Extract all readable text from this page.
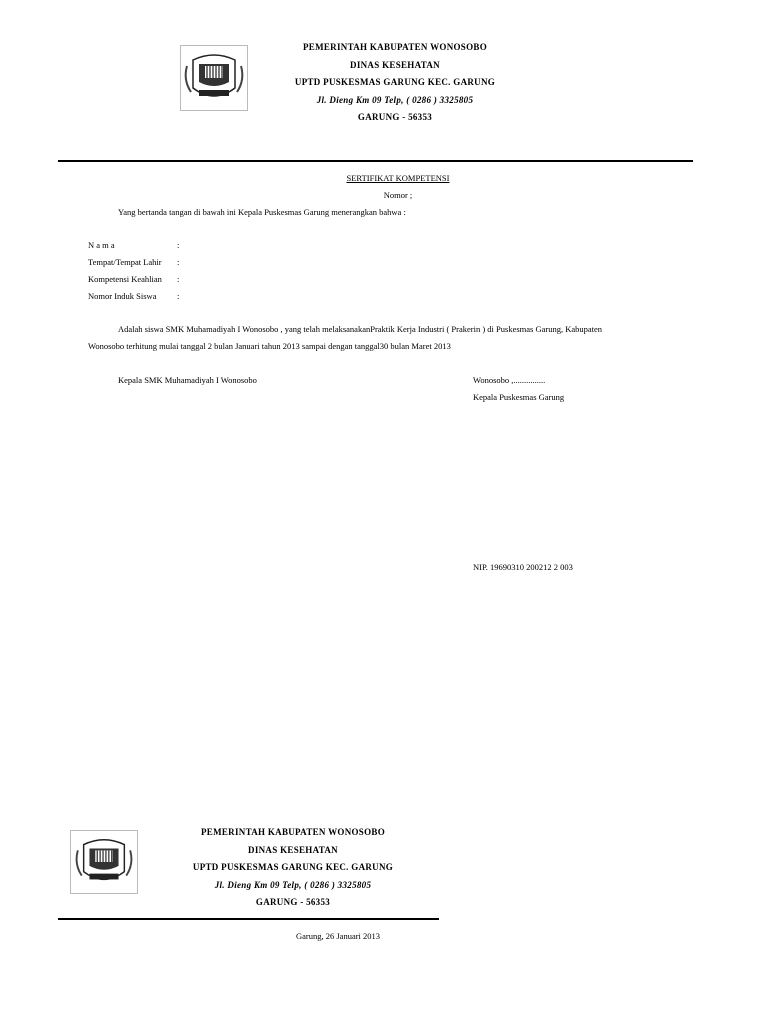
PEMERINTAH KABUPATEN WONOSOBO
DINAS KESEHATAN
UPTD PUSKESMAS GARUNG KEC. GARUNG
Jl. Dieng Km 09 Telp, ( 0286 ) 3325805
GARUNG - 56353
SERTIFIKAT KOMPETENSI
Nomor ;
Yang bertanda tangan di bawah ini Kepala Puskesmas Garung menerangkan bahwa :
N a m a	:
Tempat/Tempat Lahir :
Kompetensi Keahlian :
Nomor Induk Siswa :
Adalah siswa SMK Muhamadiyah I Wonosobo , yang telah melaksanakanPraktik Kerja Industri ( Prakerin ) di Puskesmas Garung, Kabupaten
Wonosobo terhitung mulai tanggal 2 bulan Januari tahun 2013 sampai dengan tanggal30 bulan Maret 2013
Kepala SMK Muhamadiyah I Wonosobo	Wonosobo ,...............
Kepala Puskesmas Garung
NIP. 19690310 200212 2 003
PEMERINTAH KABUPATEN WONOSOBO
DINAS KESEHATAN
UPTD PUSKESMAS GARUNG KEC. GARUNG
Jl. Dieng Km 09 Telp, ( 0286 ) 3325805
GARUNG - 56353
Garung, 26 Januari 2013
